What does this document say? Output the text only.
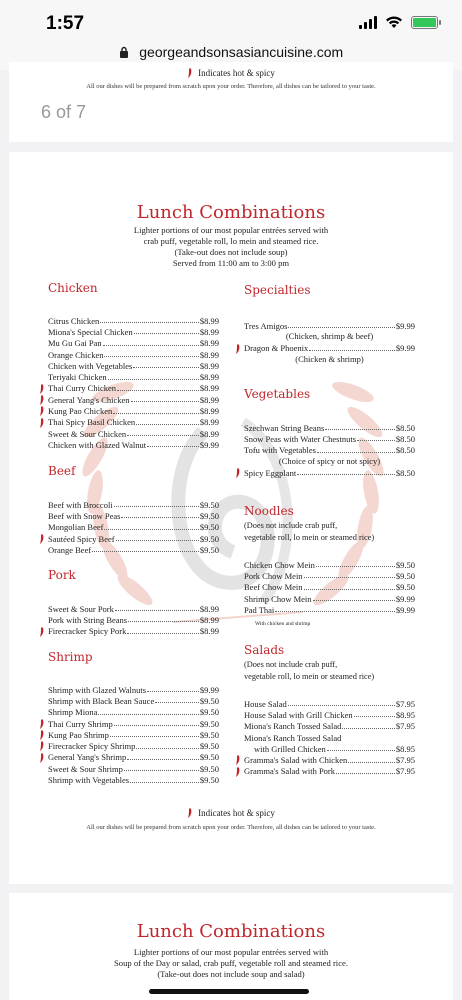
1:57
georgeandsonsasiancuisine.com
Indicates hot & spicy
All our dishes will be prepared from scratch upon your order. Therefore, all dishes can be tailored to your taste.
6 of 7
Lunch Combinations
Lighter portions of our most popular entrées served with
crab puff, vegetable roll, lo mein and steamed rice.
(Take-out does not include soup)
Served from 11:00 am to 3:00 pm
Chicken
Citrus Chicken	$8.99
Miona's Special Chicken	$8.99
Mu Gu Gai Pan	$8.99
Orange Chicken	$8.99
Chicken with Vegetables	$8.99
Teriyaki Chicken	$8.99
Thai Curry Chicken	$8.99
General Yang's Chicken	$8.99
Kung Pao Chicken	$8.99
Thai Spicy Basil Chicken	$8.99
Sweet & Sour Chicken	$8.99
Chicken with Glazed Walnut	$9.99
Beef
Beef with Broccoli	$9.50
Beef with Snow Peas	$9.50
Mongolian Beef	$9.50
Sautéed Spicy Beef	$9.50
Orange Beef	$9.50
Pork
Sweet & Sour Pork	$8.99
Pork with String Beans	$8.99
Firecracker Spicy Pork	$8.99
Shrimp
Shrimp with Glazed Walnuts	$9.99
Shrimp with Black Bean Sauce	$9.50
Shrimp Miona	$9.50
Thai Curry Shrimp	$9.50
Kung Pao Shrimp	$9.50
Firecracker Spicy Shrimp	$9.50
General Yang's Shrimp	$9.50
Sweet & Sour Shrimp	$9.50
Shrimp with Vegetables	$9.50
Specialties
Tres Amigos	$9.99
(Chicken, shrimp & beef)
Dragon & Phoenix	$9.99
(Chicken & shrimp)
Vegetables
Szechwan String Beans	$8.50
Snow Peas with Water Chestnuts	$8.50
Tofu with Vegetables	$8.50
(Choice of spicy or not spicy)
Spicy Eggplant	$8.50
Noodles
(Does not include crab puff,
vegetable roll, lo mein or steamed rice)
Chicken Chow Mein	$9.50
Pork Chow Mein	$9.50
Beef Chow Mein	$9.50
Shrimp Chow Mein	$9.99
Pad Thai	$9.99
With chicken and shrimp
Salads
(Does not include crab puff,
vegetable roll, lo mein or steamed rice)
House Salad	$7.95
House Salad with Grill Chicken	$8.95
Miona's Ranch Tossed Salad	$7.95
Miona's Ranch Tossed Salad
with Grilled Chicken	$8.95
Gramma's Salad with Chicken	$7.95
Gramma's Salad with Pork	$7.95
Indicates hot & spicy
All our dishes will be prepared from scratch upon your order. Therefore, all dishes can be tailored to your taste.
Lunch Combinations
Lighter portions of our most popular entrées served with
Soup of the Day or salad, crab puff, vegetable roll and steamed rice.
(Take-out does not include soup and salad)
